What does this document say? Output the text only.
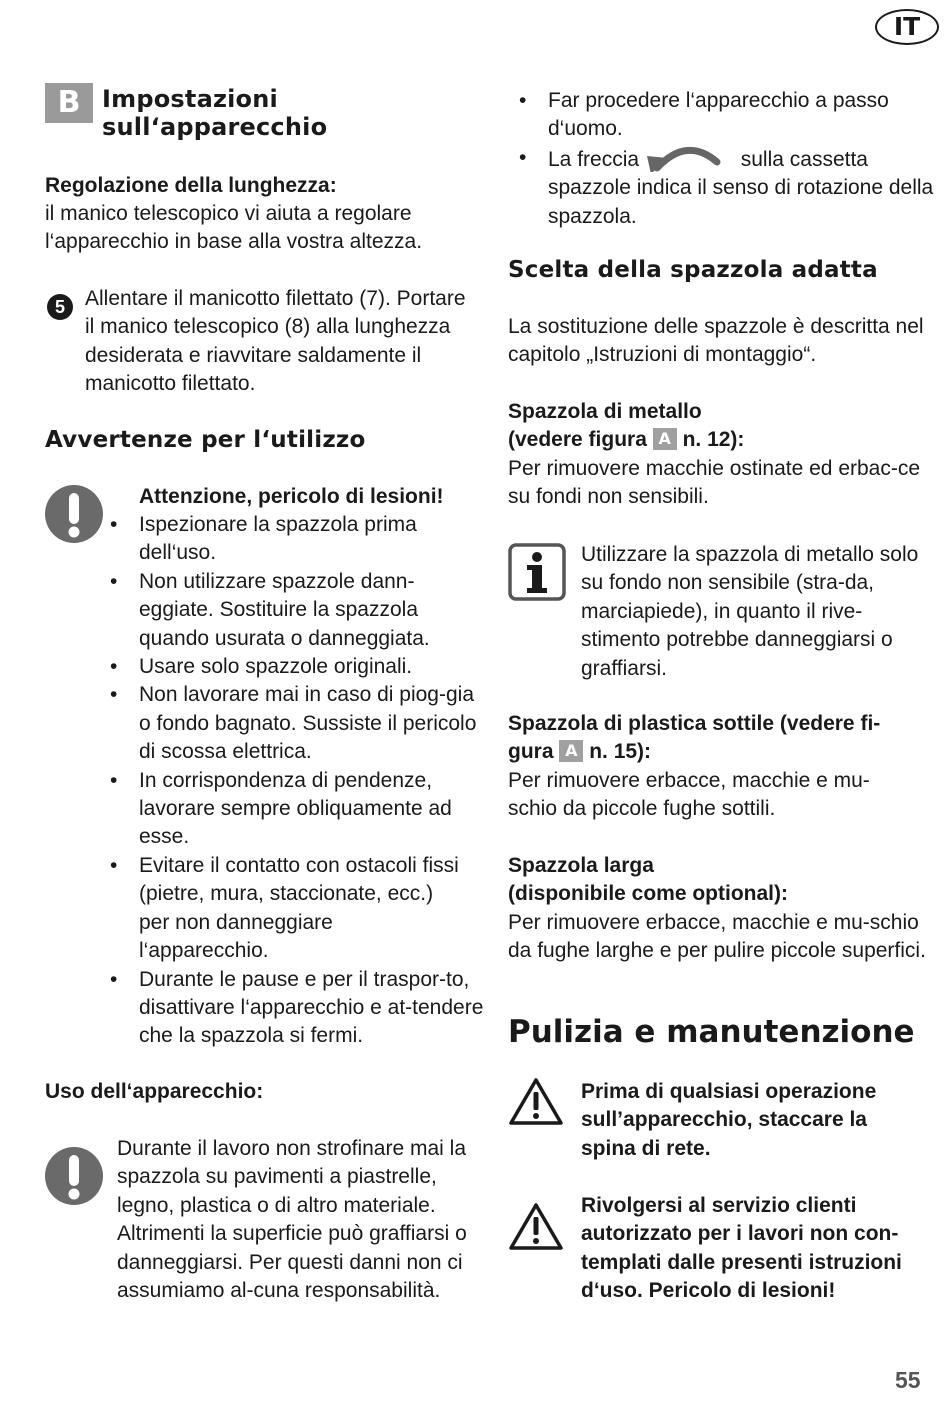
IT
B Impostazioni
sull‘apparecchio
Regolazione della lunghezza:

il manico telescopico vi aiuta a regolare l‘apparecchio in base alla vostra altezza.

5 Allentare il manicotto filettato (7). Portare il manico telescopico (8) alla lunghezza desiderata e riavvitare saldamente il manicotto filettato.

Avvertenze per l‘utilizzo
Attenzione, pericolo di lesioni!
• Ispezionare la spazzola prima dell‘uso.
• Non utilizzare spazzole dann-eggiate. Sostituire la spazzola quando usurata o danneggiata.
• Usare solo spazzole originali.
• Non lavorare mai in caso di piog-gia o fondo bagnato. Sussiste il pericolo di scossa elettrica.
• In corrispondenza di pendenze, lavorare sempre obliquamente ad esse.
• Evitare il contatto con ostacoli fissi (pietre, mura, staccionate, ecc.) per non danneggiare l‘apparecchio.
• Durante le pause e per il traspor-to, disattivare l‘apparecchio e at-tendere che la spazzola si fermi.
Uso dell‘apparecchio:

Durante il lavoro non strofinare mai la spazzola su pavimenti a piastrelle, legno, plastica o di altro materiale. Altrimenti la superficie può graffiarsi o danneggiarsi. Per questi danni non ci assumiamo al-cuna responsabilità.

• Far procedere l‘apparecchio a passo d‘uomo.
• La freccia	sulla cassetta
spazzole indica il senso di rotazione della spazzola.
Scelta della spazzola adatta

La sostituzione delle spazzole è descritta nel capitolo „Istruzioni di montaggio“.

Spazzola di metallo
(vedere figura A n. 12):

Per rimuovere macchie ostinate ed erbac-ce su fondi non sensibili.

Utilizzare la spazzola di metallo solo su fondo non sensibile (stra-da, marciapiede), in quanto il rive-stimento potrebbe danneggiarsi o graffiarsi.

Spazzola di plastica sottile (vedere fi-
gura A n. 15):

Per rimuovere erbacce, macchie e mu-schio da piccole fughe sottili.

Spazzola larga
(disponibile come optional):

Per rimuovere erbacce, macchie e mu-schio da fughe larghe e per pulire piccole superfici.

Pulizia e manutenzione

Prima di qualsiasi operazione sull’apparecchio, staccare la spina di rete.

Rivolgersi al servizio clienti autorizzato per i lavori non con-templati dalle presenti istruzioni d‘uso. Pericolo di lesioni!

55
